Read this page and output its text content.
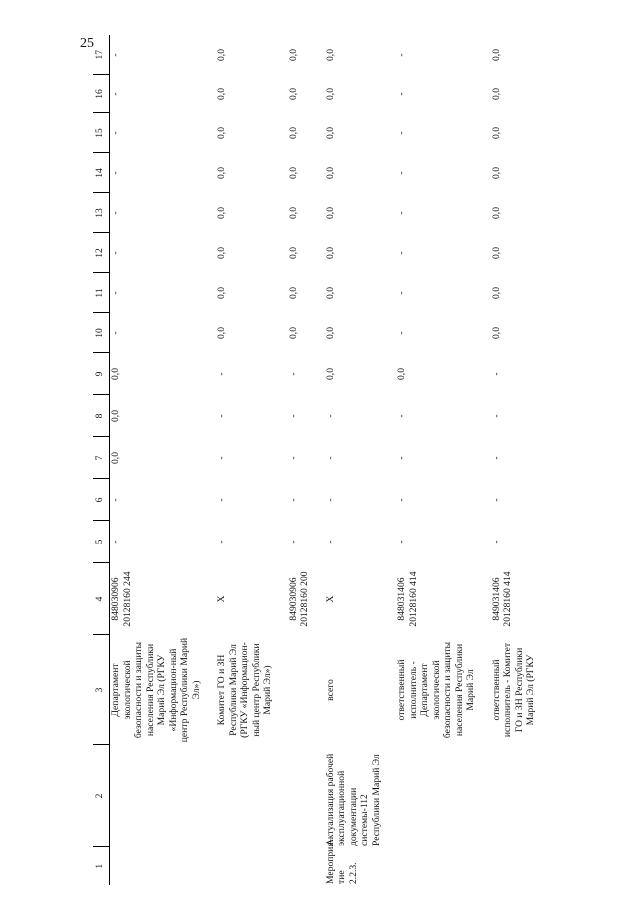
25
1	2	3	4	5	6	7	8	9	10	11	12	13	14	15	16	17
		Департамент экологической безопасности и защиты населения Республики Марий Эл (РГКУ «Информацион-ный центр Республики Марий Эл»)	848030906 20128160 244	-	-	0,0	0,0	0,0	-	-	-	-	-	-	-	-

		Комитет ГО и ЗН Республики Марий Эл (РГКУ «Информацион-ный центр Республики Марий Эл»)	X	-	-	-	-	-	0,0	0,0	0,0	0,0	0,0	0,0	0,0	0,0

			849030906 20128160 200	-	-	-	-	-	0,0	0,0	0,0	0,0	0,0	0,0	0,0	0,0

Мероприя-тие 2.2.3.	Актуализация рабочей эксплуатационной документации системы-112 Республики Марий Эл	всего	X	-	-	-	-	0,0	0,0	0,0	0,0	0,0	0,0	0,0	0,0	0,0

		ответственный исполнитель - Департамент экологической безопасности и защиты населения Республики Марий Эл	848031406 20128160 414	-	-	-	-	0,0	-	-	-	-	-	-	-	-

		ответственный исполнитель - Комитет ГО и ЗН Республики Марий Эл (РГКУ	849031406 20128160 414	-	-	-	-	-	0,0	0,0	0,0	0,0	0,0	0,0	0,0	0,0
